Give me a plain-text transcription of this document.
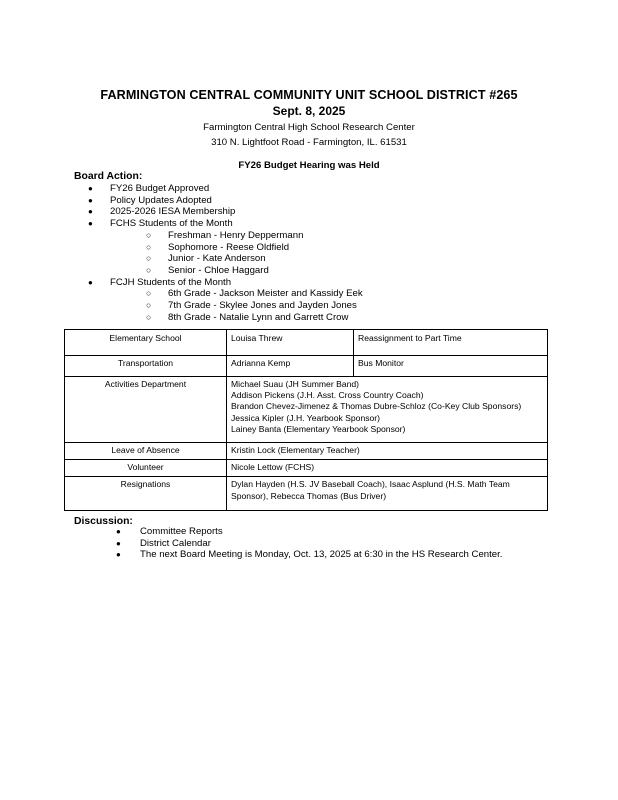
FARMINGTON CENTRAL COMMUNITY UNIT SCHOOL DISTRICT #265
Sept. 8, 2025
Farmington Central High School Research Center
310 N. Lightfoot Road - Farmington, IL. 61531
FY26 Budget Hearing was Held
Board Action:
● FY26 Budget Approved
● Policy Updates Adopted
● 2025-2026 IESA Membership
● FCHS Students of the Month
○ Freshman - Henry Deppermann
○ Sophomore - Reese Oldfield
○ Junior - Kate Anderson
○ Senior - Chloe Haggard
● FCJH Students of the Month
○ 6th Grade - Jackson Meister and Kassidy Eek
○ 7th Grade - Skylee Jones and Jayden Jones
○ 8th Grade - Natalie Lynn and Garrett Crow
Elementary School	Louisa Threw	Reassignment to Part Time
Transportation	Adrianna Kemp	Bus Monitor
Activities Department	Michael Suau (JH Summer Band)
Addison Pickens (J.H. Asst. Cross Country Coach)
Brandon Chevez-Jimenez & Thomas Dubre-Schloz (Co-Key Club Sponsors)
Jessica Kipler (J.H. Yearbook Sponsor)
Lainey Banta (Elementary Yearbook Sponsor)	

Leave of Absence	Kristin Lock (Elementary Teacher)	
Volunteer	Nicole Lettow (FCHS)	
Resignations	Dylan Hayden (H.S. JV Baseball Coach), Isaac Asplund (H.S. Math Team Sponsor), Rebecca Thomas (Bus Driver)	
Discussion:
● Committee Reports
● District Calendar
● The next Board Meeting is Monday, Oct. 13, 2025 at 6:30 in the HS Research Center.
